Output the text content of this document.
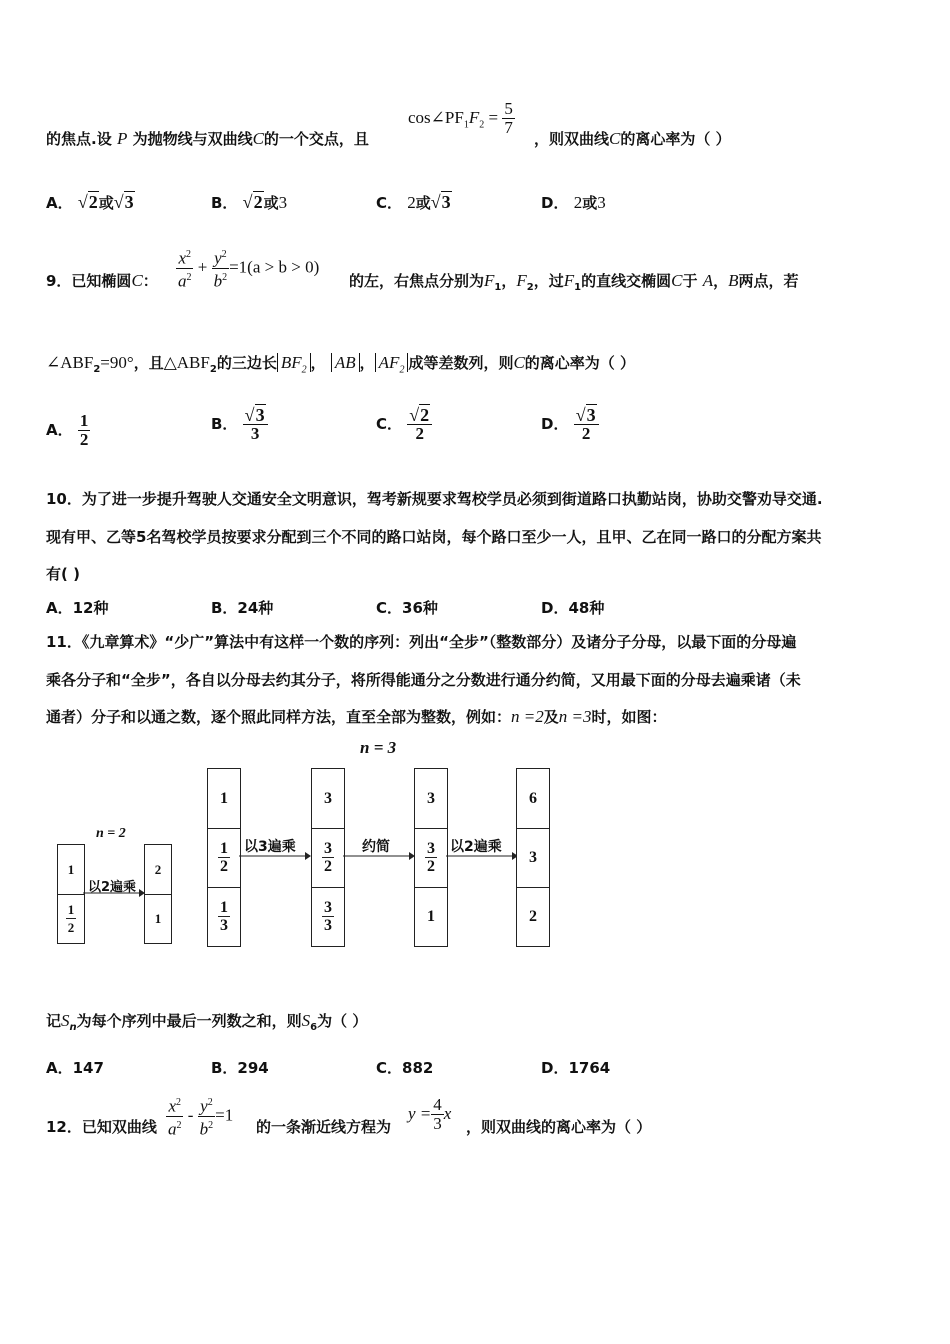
的焦点.设 P 为抛物线与双曲线C的一个交点，且
$\cos\angle PF_1F_2 = \frac{5}{7}$
，则双曲线C的离心率为（ ）
A． √2或√3	B． √2或3	C． 2或√3	D． 2或3
9．已知椭圆C： $\frac{x^2}{a^2} + \frac{y^2}{b^2} =1(a > b > 0)$
的左，右焦点分别为$F_1$，$F_2$，过$F_1$的直线交椭圆C于 A，B两点，若
$\angle ABF_2=90^\circ$，且$\triangle ABF_2$的三边长 $BF_2$ ， AB ， $AF_2$ 成等差数列，则C的离心率为（ ）
A． $\frac{1}{2}$	B． $\frac{√3}{3}$	C． $\frac{√2}{2}$	D． $\frac{√3}{2}$
10．为了进一步提升驾驶人交通安全文明意识，驾考新规要求驾校学员必须到街道路口执勤站岗，协助交警劝导交通.
现有甲、乙等5名驾校学员按要求分配到三个不同的路口站岗，每个路口至少一人，且甲、乙在同一路口的分配方案共
有( )
A．12种	B．24种	C．36种	D．48种
11．《九章算术》“少广”算法中有这样一个数的序列：列出“全步”（整数部分）及诸分子分母，以最下面的分母遍
乘各分子和“全步”，各自以分母去约其分子，将所得能通分之分数进行通分约简，又用最下面的分母去遍乘诸（未
通者）分子和以通之数，逐个照此同样方法，直至全部为整数，例如：n =2及n =3时，如图：
n = 3
n = 2
1
1
2
以2遍乘
2
1
1
1
2
1
3
以3遍乘
3
3
2
3
3
约简
3
3
2
1
以2遍乘
6
3
2
记$S_n$为每个序列中最后一列数之和，则$S_6$为（ ）
A．147	B．294	C．882	D．1764
12．已知双曲线 $\frac{x^2}{a^2} - \frac{y^2}{b^2} =1$
的一条渐近线方程为
$y = \frac{4}{3}$ x
，则双曲线的离心率为（ ）
